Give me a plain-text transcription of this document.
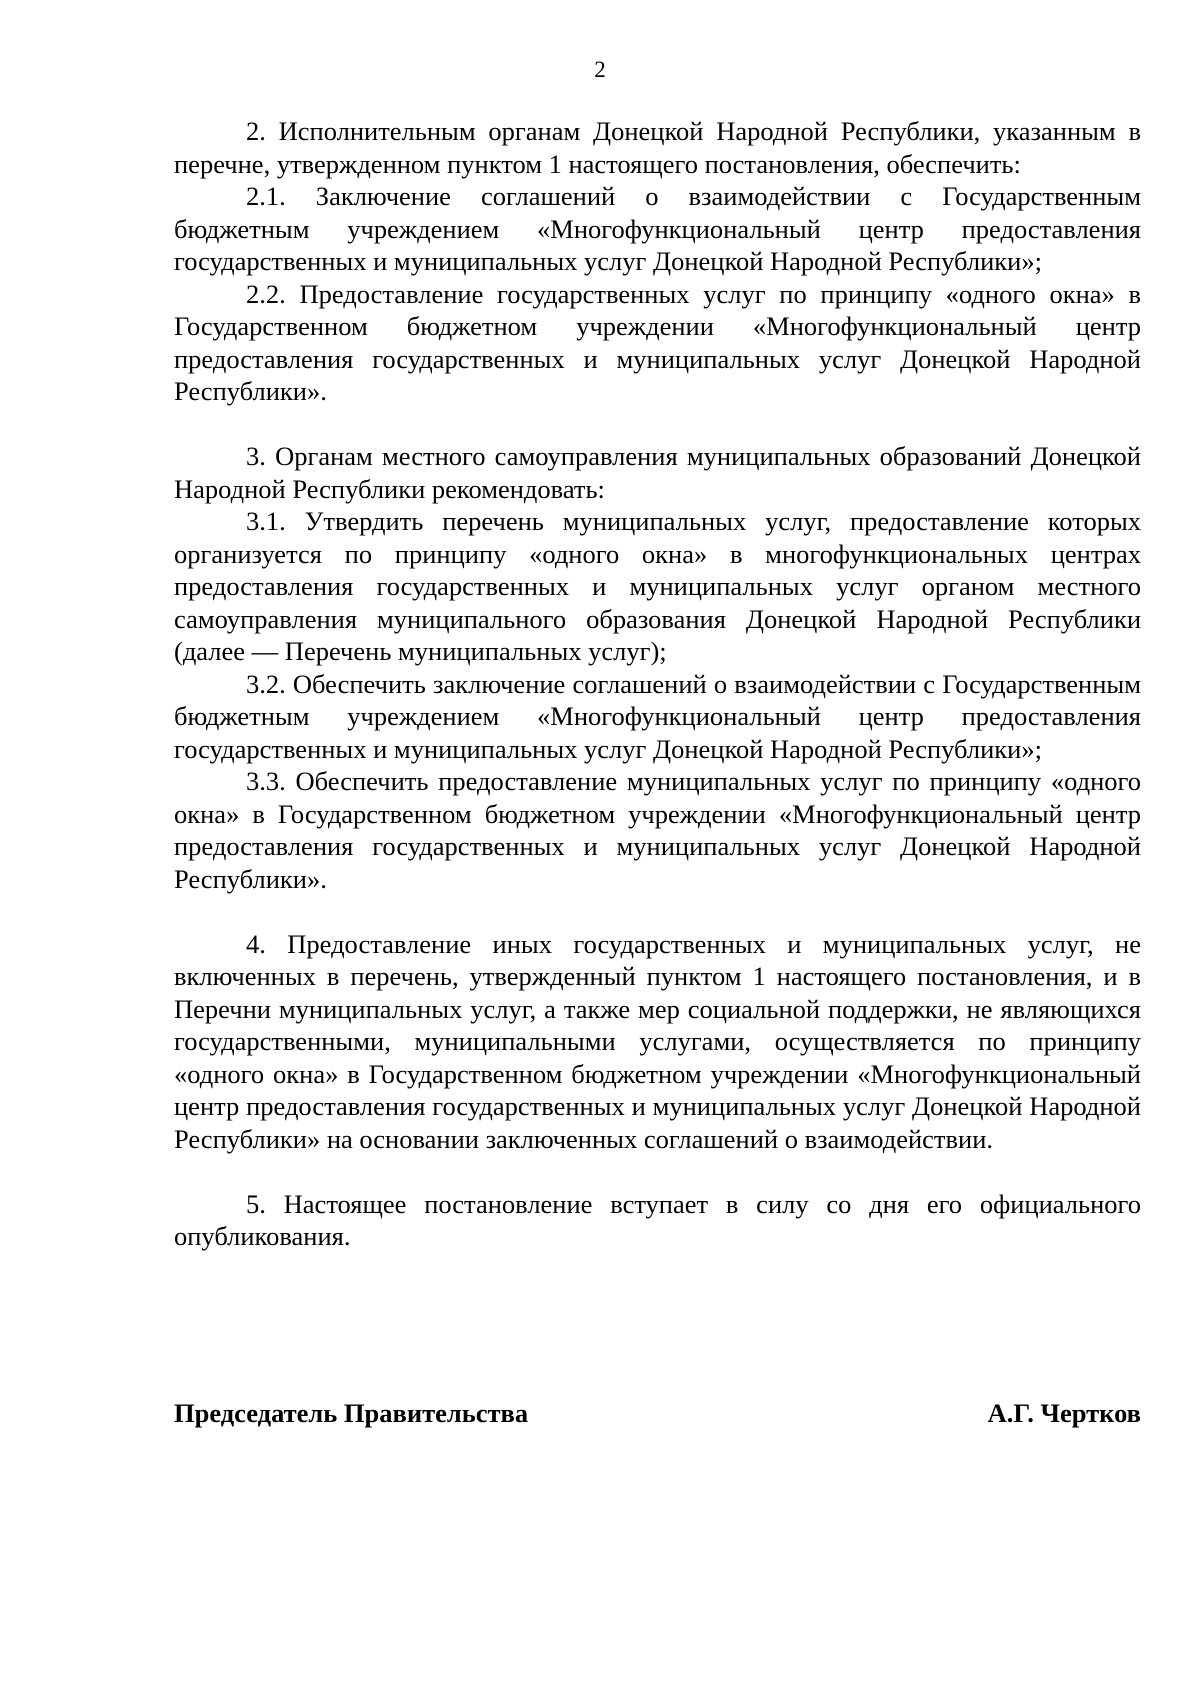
2

2. Исполнительным органам Донецкой Народной Республики, указанным в перечне, утвержденном пунктом 1 настоящего постановления, обеспечить:

2.1. Заключение соглашений о взаимодействии с Государственным бюджетным учреждением «Многофункциональный центр предоставления государственных и муниципальных услуг Донецкой Народной Республики»;

2.2. Предоставление государственных услуг по принципу «одного окна» в Государственном бюджетном учреждении «Многофункциональный центр предоставления государственных и муниципальных услуг Донецкой Народной Республики».

3. Органам местного самоуправления муниципальных образований Донецкой Народной Республики рекомендовать:

3.1. Утвердить перечень муниципальных услуг, предоставление которых организуется по принципу «одного окна» в многофункциональных центрах предоставления государственных и муниципальных услуг органом местного самоуправления муниципального образования Донецкой Народной Республики (далее — Перечень муниципальных услуг);

3.2. Обеспечить заключение соглашений о взаимодействии с Государственным бюджетным учреждением «Многофункциональный центр предоставления государственных и муниципальных услуг Донецкой Народной Республики»;

3.3. Обеспечить предоставление муниципальных услуг по принципу «одного окна» в Государственном бюджетном учреждении «Многофункциональный центр предоставления государственных и муниципальных услуг Донецкой Народной Республики».

4. Предоставление иных государственных и муниципальных услуг, не включенных в перечень, утвержденный пунктом 1 настоящего постановления, и в Перечни муниципальных услуг, а также мер социальной поддержки, не являющихся государственными, муниципальными услугами, осуществляется по принципу «одного окна» в Государственном бюджетном учреждении «Многофункциональный центр предоставления государственных и муниципальных услуг Донецкой Народной Республики» на основании заключенных соглашений о взаимодействии.

5. Настоящее постановление вступает в силу со дня его официального опубликования.

Председатель Правительства	А.Г. Чертков
